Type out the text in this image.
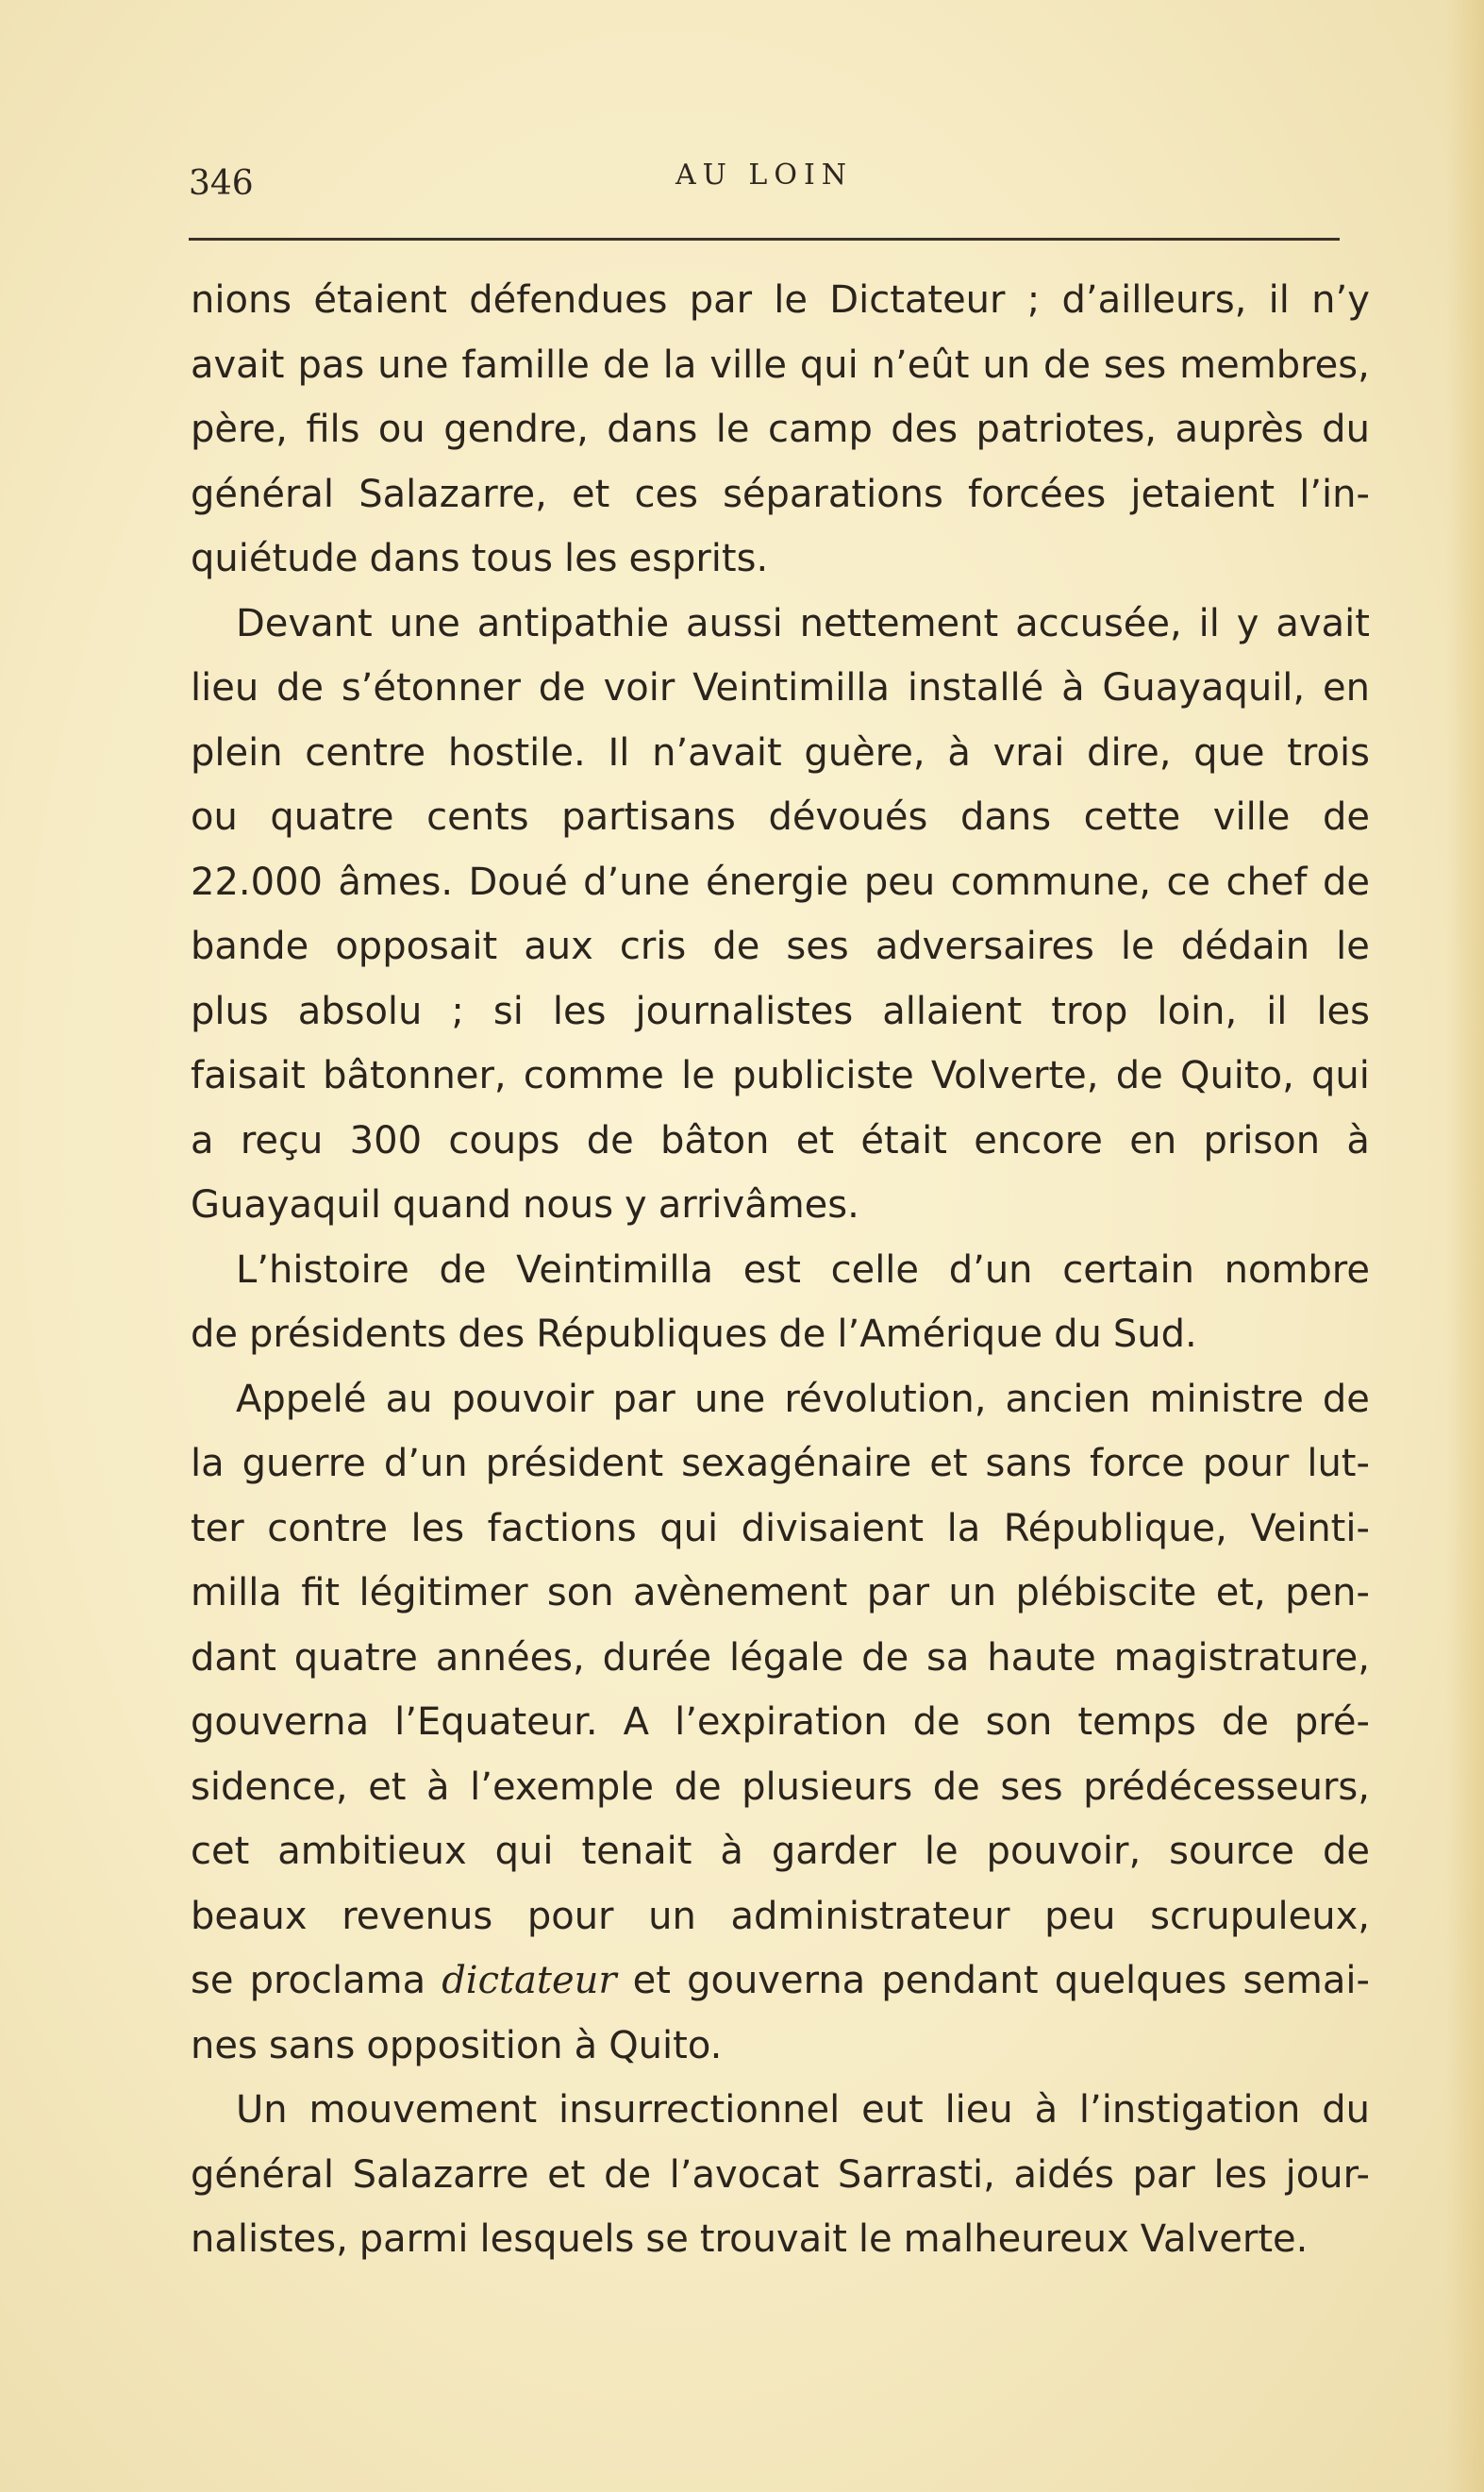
346	AU LOIN
nions étaient défendues par le Dictateur ; d’ailleurs, il n’y
avait pas une famille de la ville qui n’eût un de ses membres,
père, fils ou gendre, dans le camp des patriotes, auprès du
général Salazarre, et ces séparations forcées jetaient l’in-
quiétude dans tous les esprits.
Devant une antipathie aussi nettement accusée, il y avait
lieu de s’étonner de voir Veintimilla installé à Guayaquil, en
plein centre hostile. Il n’avait guère, à vrai dire, que trois
ou quatre cents partisans dévoués dans cette ville de
22.000 âmes. Doué d’une énergie peu commune, ce chef de
bande opposait aux cris de ses adversaires le dédain le
plus absolu ; si les journalistes allaient trop loin, il les
faisait bâtonner, comme le publiciste Volverte, de Quito, qui
a reçu 300 coups de bâton et était encore en prison à
Guayaquil quand nous y arrivâmes.
L’histoire de Veintimilla est celle d’un certain nombre
de présidents des Républiques de l’Amérique du Sud.
Appelé au pouvoir par une révolution, ancien ministre de
la guerre d’un président sexagénaire et sans force pour lut-
ter contre les factions qui divisaient la République, Veinti-
milla fit légitimer son avènement par un plébiscite et, pen-
dant quatre années, durée légale de sa haute magistrature,
gouverna l’Equateur. A l’expiration de son temps de pré-
sidence, et à l’exemple de plusieurs de ses prédécesseurs,
cet ambitieux qui tenait à garder le pouvoir, source de
beaux revenus pour un administrateur peu scrupuleux,
se proclama dictateur et gouverna pendant quelques semai-
nes sans opposition à Quito.
Un mouvement insurrectionnel eut lieu à l’instigation du
général Salazarre et de l’avocat Sarrasti, aidés par les jour-
nalistes, parmi lesquels se trouvait le malheureux Valverte.
